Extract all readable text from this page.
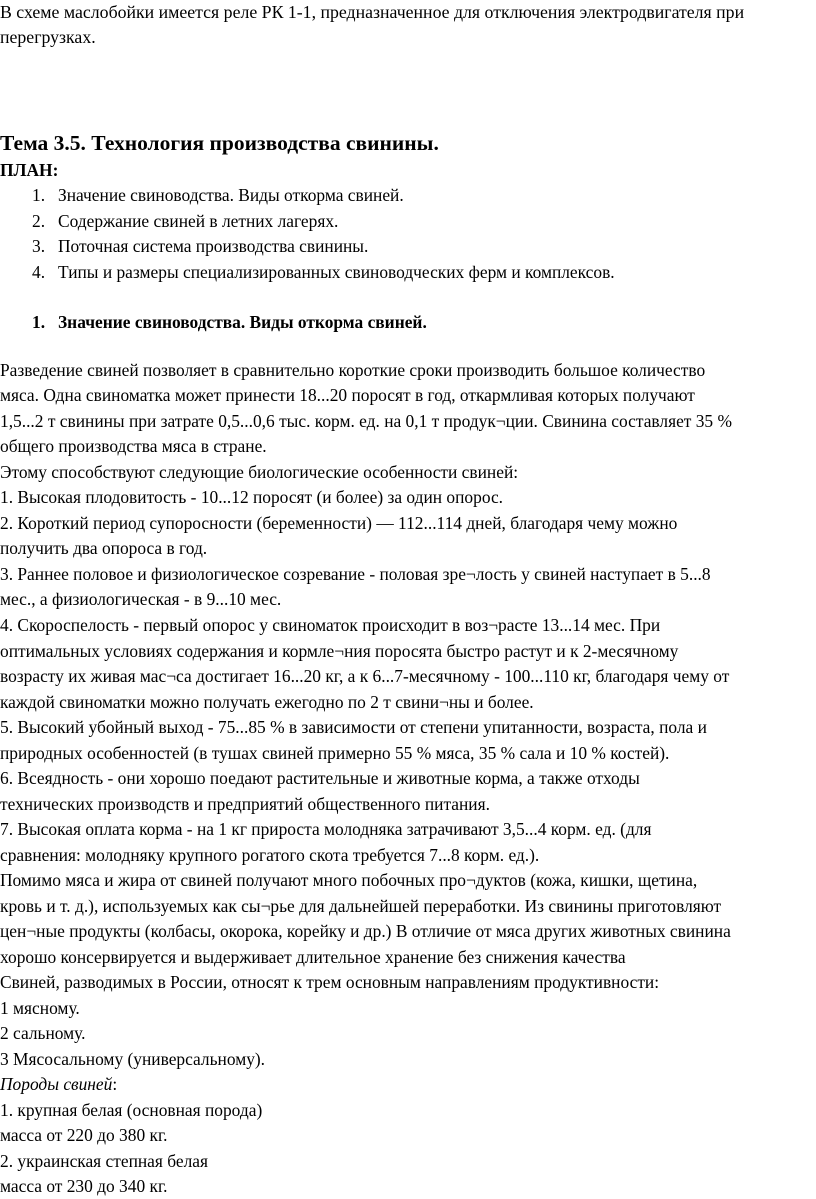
В схеме маслобойки имеется реле РК 1-1, предназначенное для отключения электродвигателя при
перегрузках.
Тема 3.5. Технология производства свинины.
ПЛАН:
1. Значение свиноводства. Виды откорма свиней.
2. Содержание свиней в летних лагерях.
3. Поточная система производства свинины.
4. Типы и размеры специализированных свиноводческих ферм и комплексов.
1. Значение свиноводства. Виды откорма свиней.
Разведение свиней позволяет в сравнительно короткие сроки производить большое количество
мяса. Одна свиноматка может принести 18...20 поросят в год, откармливая которых получают
1,5...2 т свинины при затрате 0,5...0,6 тыс. корм. ед. на 0,1 т продук¬ции. Свинина составляет 35 %
общего производства мяса в стране.
Этому способствуют следующие биологические особенности свиней:
1. Высокая плодовитость - 10...12 поросят (и более) за один опорос.
2. Короткий период супоросности (беременности) — 112...114 дней, благодаря чему можно
получить два опороса в год.
3. Раннее половое и физиологическое созревание - половая зре¬лость у свиней наступает в 5...8
мес., а физиологическая - в 9...10 мес.
4. Скороспелость - первый опорос у свиноматок происходит в воз¬расте 13...14 мес. При
оптимальных условиях содержания и кормле¬ния поросята быстро растут и к 2-месячному
возрасту их живая мас¬са достигает 16...20 кг, а к 6...7-месячному - 100...110 кг, благодаря чему от
каждой свиноматки можно получать ежегодно по 2 т свини¬ны и более.
5. Высокий убойный выход - 75...85 % в зависимости от степени упитанности, возраста, пола и
природных особенностей (в тушах свиней примерно 55 % мяса, 35 % сала и 10 % костей).
6. Всеядность - они хорошо поедают растительные и животные корма, а также отходы
технических производств и предприятий общественного питания.
7. Высокая оплата корма - на 1 кг прироста молодняка затрачивают 3,5...4 корм. ед. (для
сравнения: молодняку крупного рогатого скота требуется 7...8 корм. ед.).
Помимо мяса и жира от свиней получают много побочных про¬дуктов (кожа, кишки, щетина,
кровь и т. д.), используемых как сы¬рье для дальнейшей переработки. Из свинины приготовляют
цен¬ные продукты (колбасы, окорока, корейку и др.) В отличие от мяса других животных свинина
хорошо консервируется и выдерживает длительное хранение без снижения качества
Свиней, разводимых в России, относят к трем основным направлениям продуктивности:
1 мясному.
2 сальному.
3 Мясосальному (универсальному).
Породы свиней:
1. крупная белая (основная порода)
масса от 220 до 380 кг.
2. украинская степная белая
масса от 230 до 340 кг.
